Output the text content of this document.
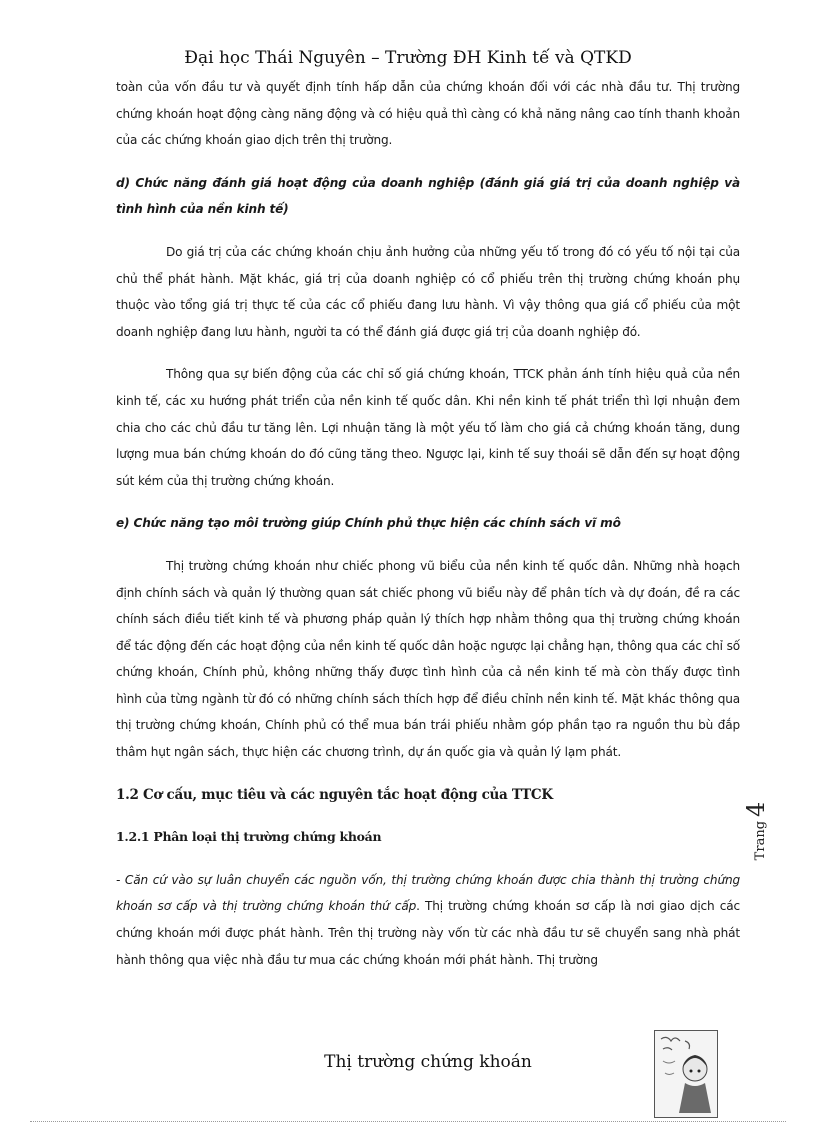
Đại học Thái Nguyên – Trường ĐH Kinh tế và QTKD

toàn của vốn đầu tư và quyết định tính hấp dẫn của chứng khoán đối với các nhà đầu tư. Thị trường chứng khoán hoạt động càng năng động và có hiệu quả thì càng có khả năng nâng cao tính thanh khoản của các chứng khoán giao dịch trên thị trường.

d) Chức năng đánh giá hoạt động của doanh nghiệp (đánh giá giá trị của doanh nghiệp và tình hình của nền kinh tế)

Do giá trị của các chứng khoán chịu ảnh hưởng của những yếu tố trong đó có yếu tố nội tại của chủ thể phát hành. Mặt khác, giá trị của doanh nghiệp có cổ phiếu trên thị trường chứng khoán phụ thuộc vào tổng giá trị thực tế của các cổ phiếu đang lưu hành. Vì vậy thông qua giá cổ phiếu của một doanh nghiệp đang lưu hành, người ta có thể đánh giá được giá trị của doanh nghiệp đó.

Thông qua sự biến động của các chỉ số giá chứng khoán, TTCK phản ánh tính hiệu quả của nền kinh tế, các xu hướng phát triển của nền kinh tế quốc dân. Khi nền kinh tế phát triển thì lợi nhuận đem chia cho các chủ đầu tư tăng lên. Lợi nhuận tăng là một yếu tố làm cho giá cả chứng khoán tăng, dung lượng mua bán chứng khoán do đó cũng tăng theo. Ngược lại, kinh tế suy thoái sẽ dẫn đến sự hoạt động sút kém của thị trường chứng khoán.

e) Chức năng tạo môi trường giúp Chính phủ thực hiện các chính sách vĩ mô

Thị trường chứng khoán như chiếc phong vũ biểu của nền kinh tế quốc dân. Những nhà hoạch định chính sách và quản lý thường quan sát chiếc phong vũ biểu này để phân tích và dự đoán, đề ra các chính sách điều tiết kinh tế và phương pháp quản lý thích hợp nhằm thông qua thị trường chứng khoán để tác động đến các hoạt động của nền kinh tế quốc dân hoặc ngược lại chẳng hạn, thông qua các chỉ số chứng khoán, Chính phủ, không những thấy được tình hình của cả nền kinh tế mà còn thấy được tình hình của từng ngành từ đó có những chính sách thích hợp để điều chỉnh nền kinh tế. Mặt khác thông qua thị trường chứng khoán, Chính phủ có thể mua bán trái phiếu nhằm góp phần tạo ra nguồn thu bù đắp thâm hụt ngân sách, thực hiện các chương trình, dự án quốc gia và quản lý lạm phát.

1.2 Cơ cấu, mục tiêu và các nguyên tắc hoạt động của TTCK

1.2.1 Phân loại thị trường chứng khoán

- Căn cứ vào sự luân chuyển các nguồn vốn, thị trường chứng khoán được chia thành thị trường chứng khoán sơ cấp và thị trường chứng khoán thứ cấp. Thị trường chứng khoán sơ cấp là nơi giao dịch các chứng khoán mới được phát hành. Trên thị trường này vốn từ các nhà đầu tư sẽ chuyển sang nhà phát hành thông qua việc nhà đầu tư mua các chứng khoán mới phát hành. Thị trường

Trang4
Thị trường chứng khoán
